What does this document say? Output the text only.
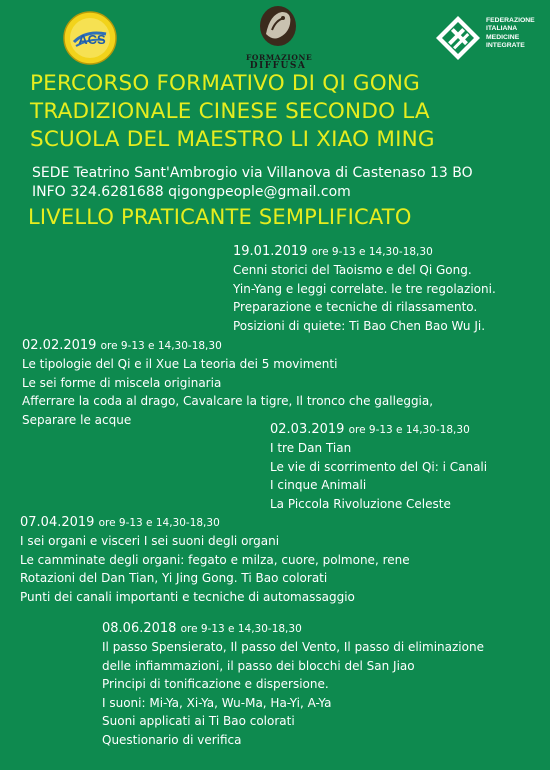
ACS
FORMAZIONE
DIFFUSA
FEDERAZIONE
ITALIANA
MEDICINE
INTEGRATE
PERCORSO FORMATIVO DI QI GONG
TRADIZIONALE CINESE SECONDO LA
SCUOLA DEL MAESTRO LI XIAO MING
SEDE Teatrino Sant'Ambrogio via Villanova di Castenaso 13 BO
INFO 324.6281688 qigongpeople@gmail.com
LIVELLO PRATICANTE SEMPLIFICATO
19.01.2019 ore 9-13 e 14,30-18,30
Cenni storici del Taoismo e del Qi Gong.
Yin-Yang e leggi correlate. le tre regolazioni.
Preparazione e tecniche di rilassamento.
Posizioni di quiete: Ti Bao Chen Bao Wu Ji.
02.02.2019 ore 9-13 e 14,30-18,30
Le tipologie del Qi e il Xue La teoria dei 5 movimenti
Le sei forme di miscela originaria
Afferrare la coda al drago, Cavalcare la tigre, Il tronco che galleggia,
Separare le acque
02.03.2019 ore 9-13 e 14,30-18,30
I tre Dan Tian
Le vie di scorrimento del Qi: i Canali
I cinque Animali
La Piccola Rivoluzione Celeste
07.04.2019 ore 9-13 e 14,30-18,30
I sei organi e visceri I sei suoni degli organi
Le camminate degli organi: fegato e milza, cuore, polmone, rene
Rotazioni del Dan Tian, Yi Jing Gong. Ti Bao colorati
Punti dei canali importanti e tecniche di automassaggio
08.06.2018 ore 9-13 e 14,30-18,30
Il passo Spensierato, Il passo del Vento, Il passo di eliminazione
delle infiammazioni, il passo dei blocchi del San Jiao
Principi di tonificazione e dispersione.
I suoni: Mi-Ya, Xi-Ya, Wu-Ma, Ha-Yi, A-Ya
Suoni applicati ai Ti Bao colorati
Questionario di verifica
